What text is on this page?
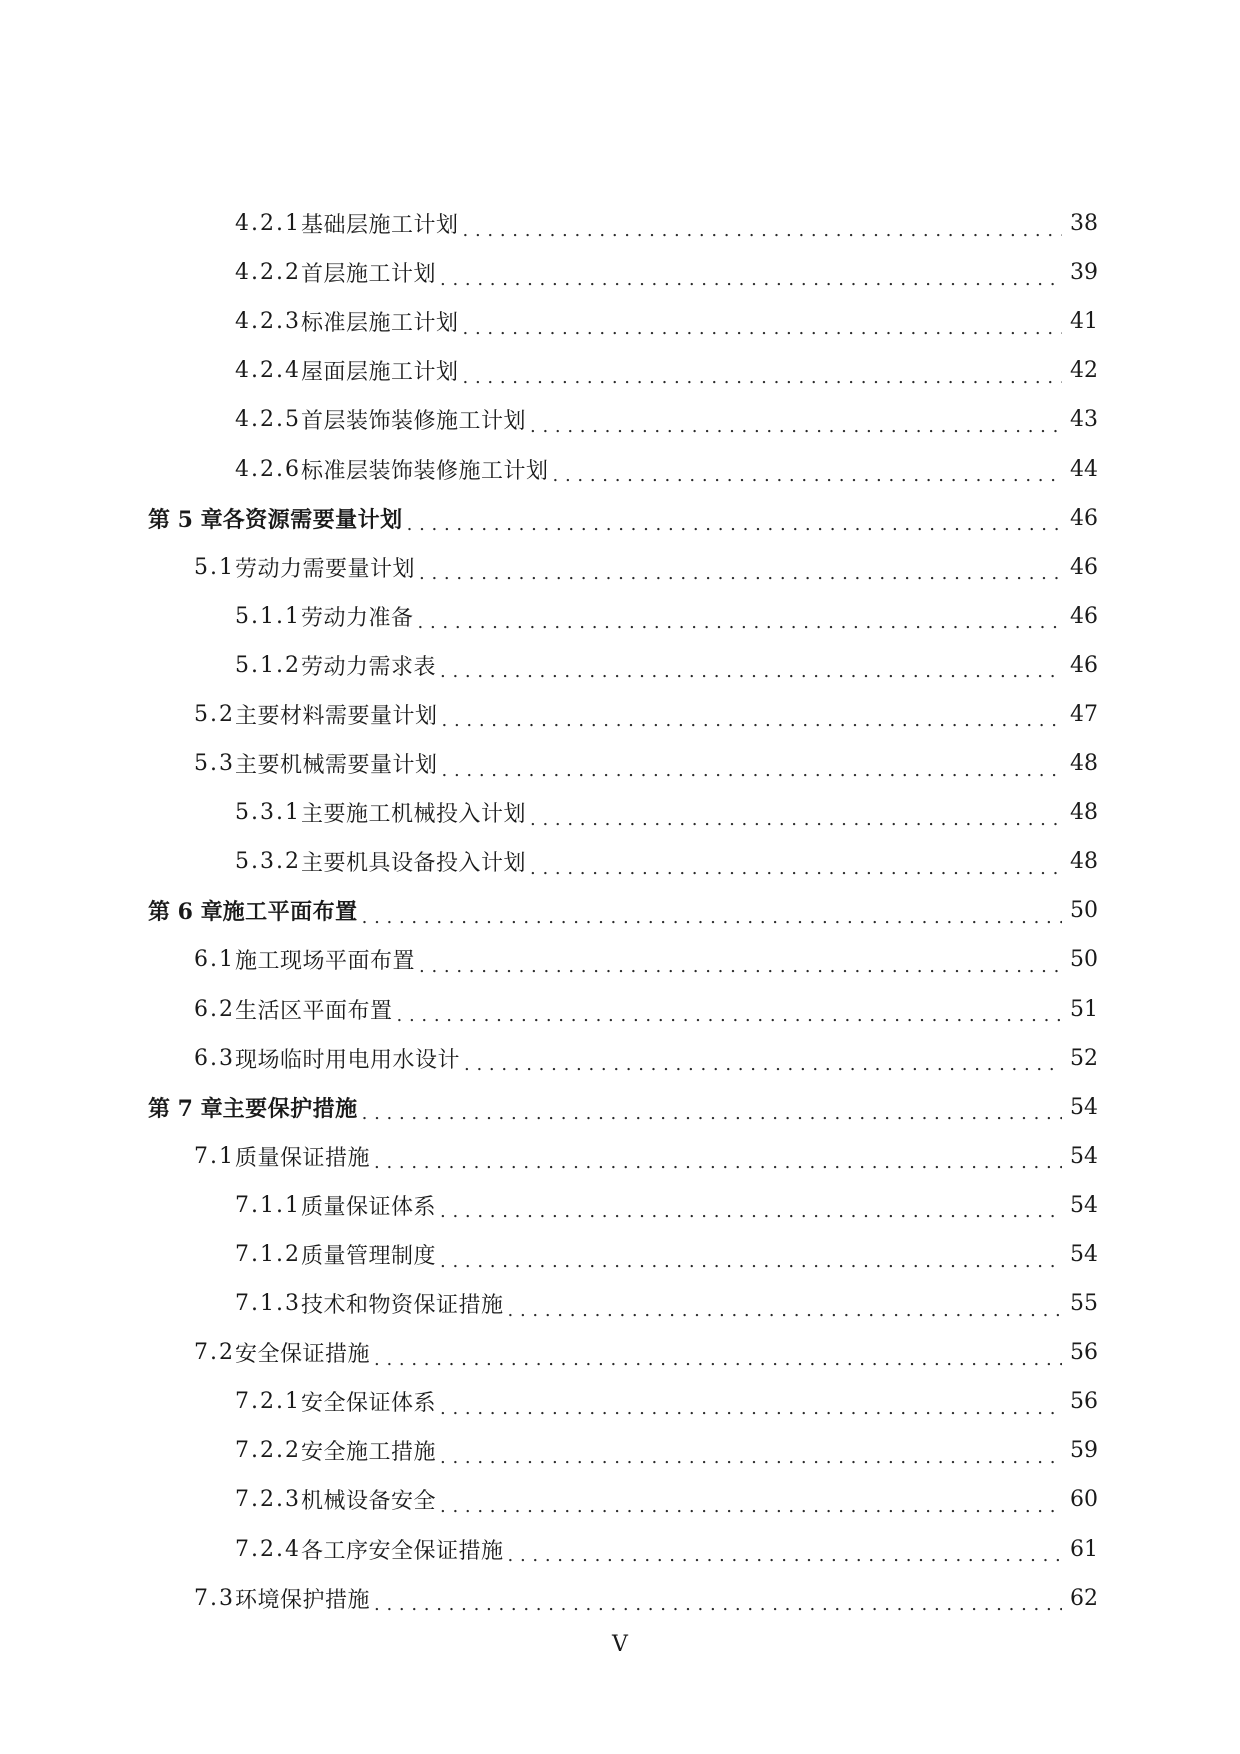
4.2.1 基础层施工计划 . . .	38
4.2.2 首层施工计划 . . .	39
4.2.3 标准层施工计划 . . .	41
4.2.4 屋面层施工计划 . . .	42
4.2.5 首层装饰装修施工计划 . . .	43
4.2.6 标准层装饰装修施工计划 . . .	44
第 5 章 各资源需要量计划 . . .	46
5.1 劳动力需要量计划 . . .	46
5.1.1 劳动力准备 . . .	46
5.1.2 劳动力需求表 . . .	46
5.2 主要材料需要量计划 . . .	47
5.3 主要机械需要量计划 . . .	48
5.3.1 主要施工机械投入计划 . . .	48
5.3.2 主要机具设备投入计划 . . .	48
第 6 章 施工平面布置 . . .	50
6.1 施工现场平面布置 . . .	50
6.2 生活区平面布置 . . .	51
6.3 现场临时用电用水设计 . . .	52
第 7 章 主要保护措施 . . .	54
7.1 质量保证措施 . . .	54
7.1.1 质量保证体系 . . .	54
7.1.2 质量管理制度 . . .	54
7.1.3 技术和物资保证措施 . . .	55
7.2 安全保证措施 . . .	56
7.2.1 安全保证体系 . . .	56
7.2.2 安全施工措施 . . .	59
7.2.3 机械设备安全 . . .	60
7.2.4 各工序安全保证措施 . . .	61
7.3 环境保护措施 . . .	62
V
